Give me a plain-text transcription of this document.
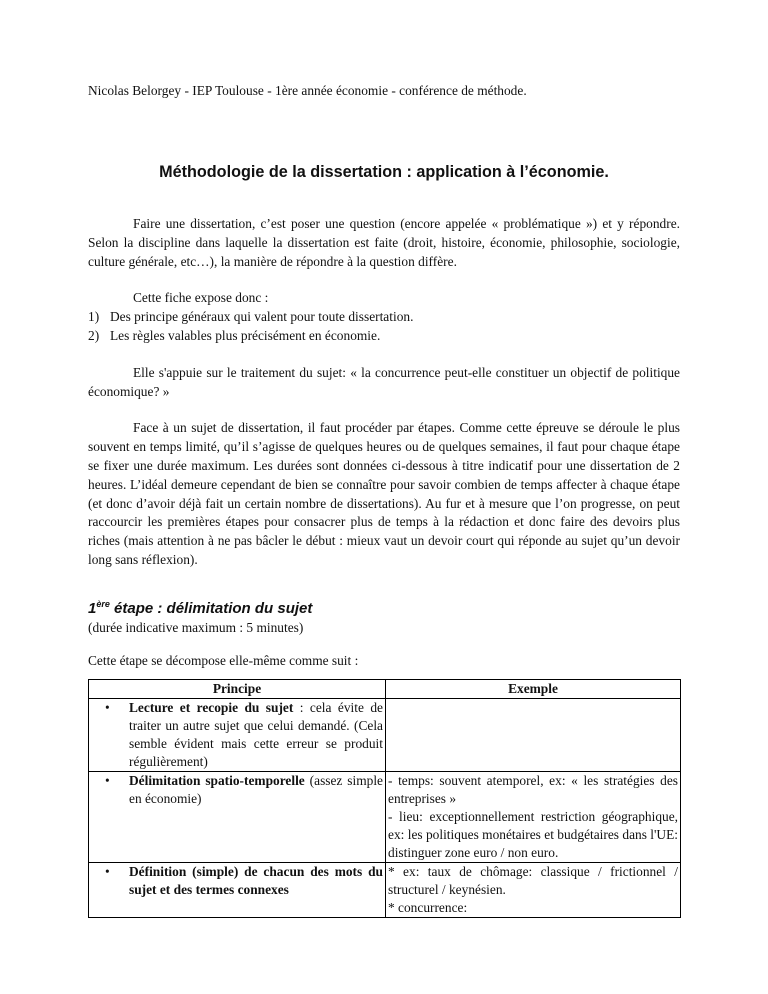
Nicolas Belorgey - IEP Toulouse - 1ère année économie - conférence de méthode.
Méthodologie de la dissertation : application à l’économie.

Faire une dissertation, c’est poser une question (encore appelée « problématique ») et y répondre. Selon la discipline dans laquelle la dissertation est faite (droit, histoire, économie, philosophie, sociologie, culture générale, etc…), la manière de répondre à la question diffère.

Cette fiche expose donc :

1) Des principe généraux qui valent pour toute dissertation.
2) Les règles valables plus précisément en économie.

Elle s'appuie sur le traitement du sujet: « la concurrence peut-elle constituer un objectif de politique économique? »

Face à un sujet de dissertation, il faut procéder par étapes. Comme cette épreuve se déroule le plus souvent en temps limité, qu’il s’agisse de quelques heures ou de quelques semaines, il faut pour chaque étape se fixer une durée maximum. Les durées sont données ci-dessous à titre indicatif pour une dissertation de 2 heures. L’idéal demeure cependant de bien se connaître pour savoir combien de temps affecter à chaque étape (et donc d’avoir déjà fait un certain nombre de dissertations). Au fur et à mesure que l’on progresse, on peut raccourcir les premières étapes pour consacrer plus de temps à la rédaction et donc faire des devoirs plus riches (mais attention à ne pas bâcler le début : mieux vaut un devoir court qui réponde au sujet qu’un devoir long sans réflexion).

1ère étape : délimitation du sujet

(durée indicative maximum : 5 minutes)

Cette étape se décompose elle-même comme suit :

Principe	Exemple

• Lecture et recopie du sujet : cela évite de traiter un autre sujet que celui demandé. (Cela semble évident mais cette erreur se produit régulièrement)	

• Délimitation spatio-temporelle (assez simple en économie)	- temps: souvent atemporel, ex: « les stratégies des entreprises »
- lieu: exceptionnellement restriction géographique, ex: les politiques monétaires et budgétaires dans l'UE: distinguer zone euro / non euro.

• Définition (simple) de chacun des mots du sujet et des termes connexes	* ex: taux de chômage: classique / frictionnel / structurel / keynésien.
* concurrence:
